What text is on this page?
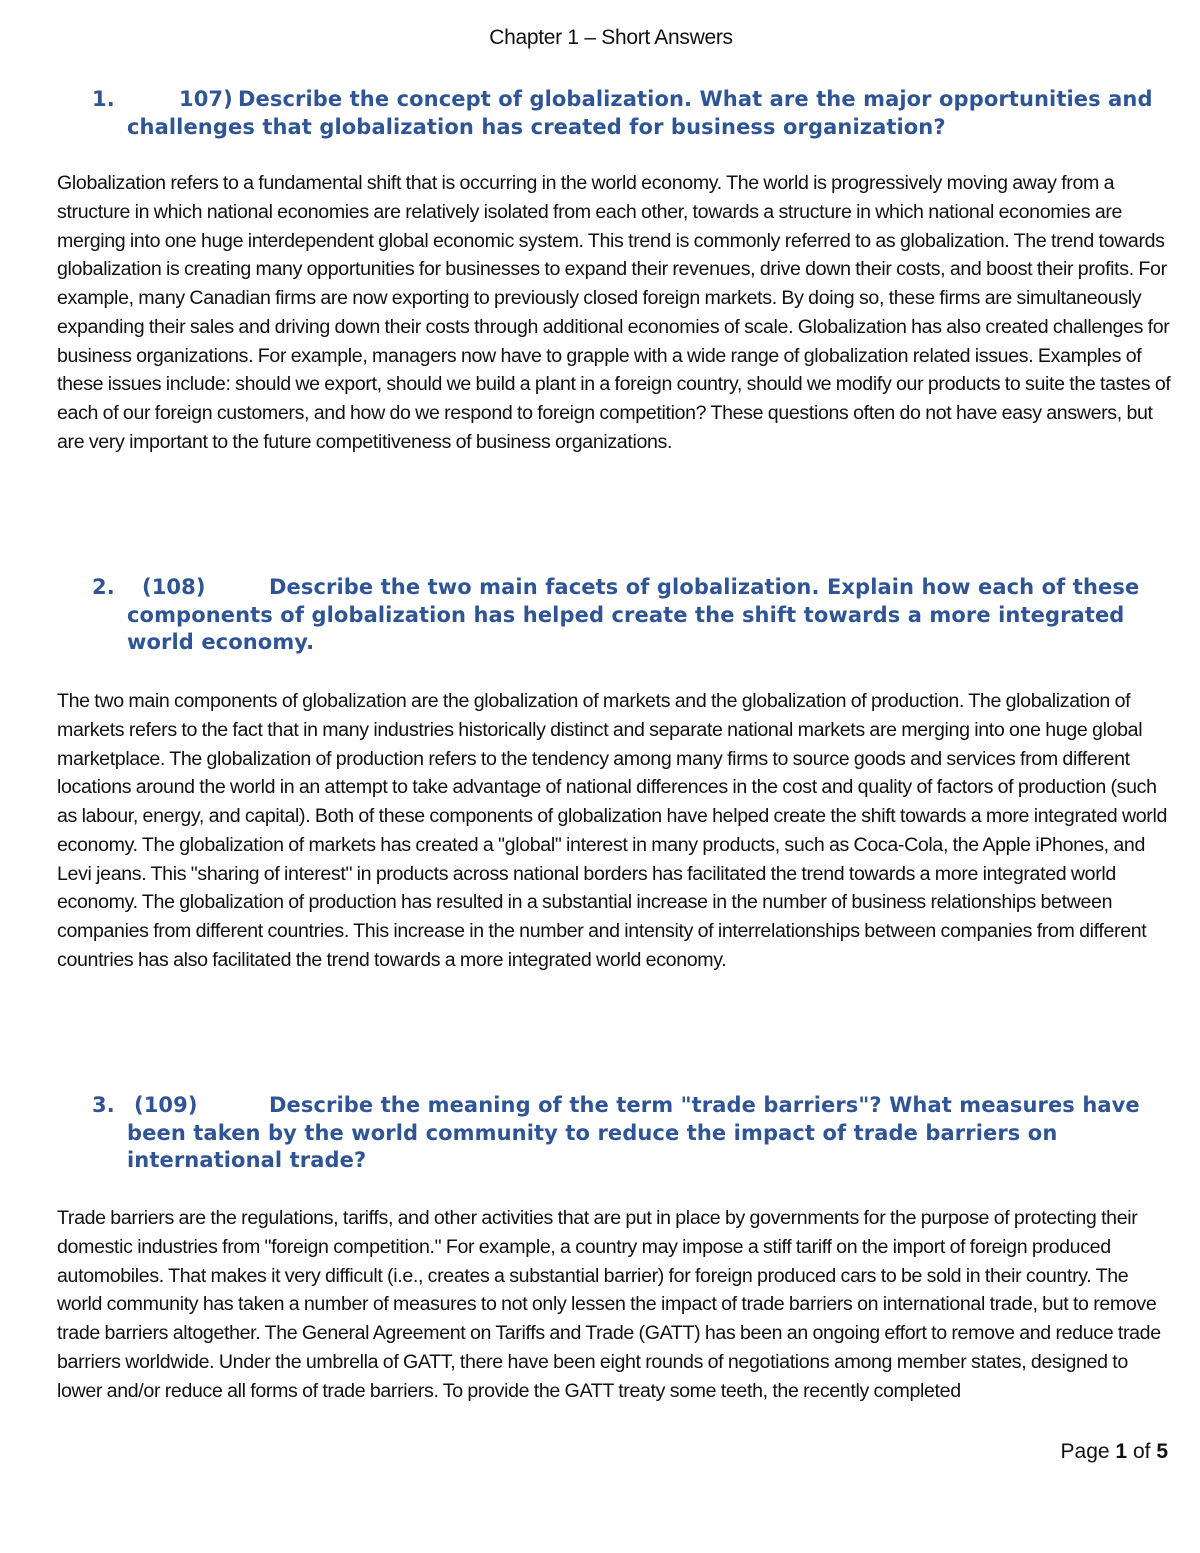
Chapter 1 – Short Answers
1.	107) Describe the concept of globalization. What are the major opportunities and challenges that globalization has created for business organization?
Globalization refers to a fundamental shift that is occurring in the world economy. The world is progressively moving away from a structure in which national economies are relatively isolated from each other, towards a structure in which national economies are merging into one huge interdependent global economic system. This trend is commonly referred to as globalization. The trend towards globalization is creating many opportunities for businesses to expand their revenues, drive down their costs, and boost their profits. For example, many Canadian firms are now exporting to previously closed foreign markets. By doing so, these firms are simultaneously expanding their sales and driving down their costs through additional economies of scale. Globalization has also created challenges for business organizations. For example, managers now have to grapple with a wide range of globalization related issues. Examples of these issues include: should we export, should we build a plant in a foreign country, should we modify our products to suite the tastes of each of our foreign customers, and how do we respond to foreign competition? These questions often do not have easy answers, but are very important to the future competitiveness of business organizations.
2. (108)	Describe the two main facets of globalization. Explain how each of these components of globalization has helped create the shift towards a more integrated world economy.
The two main components of globalization are the globalization of markets and the globalization of production. The globalization of markets refers to the fact that in many industries historically distinct and separate national markets are merging into one huge global marketplace. The globalization of production refers to the tendency among many firms to source goods and services from different locations around the world in an attempt to take advantage of national differences in the cost and quality of factors of production (such as labour, energy, and capital). Both of these components of globalization have helped create the shift towards a more integrated world economy. The globalization of markets has created a "global" interest in many products, such as Coca-Cola, the Apple iPhones, and Levi jeans. This "sharing of interest" in products across national borders has facilitated the trend towards a more integrated world economy. The globalization of production has resulted in a substantial increase in the number of business relationships between companies from different countries. This increase in the number and intensity of interrelationships between companies from different countries has also facilitated the trend towards a more integrated world economy.
3. (109)	Describe the meaning of the term "trade barriers"? What measures have been taken by the world community to reduce the impact of trade barriers on international trade?
Trade barriers are the regulations, tariffs, and other activities that are put in place by governments for the purpose of protecting their domestic industries from "foreign competition." For example, a country may impose a stiff tariff on the import of foreign produced automobiles. That makes it very difficult (i.e., creates a substantial barrier) for foreign produced cars to be sold in their country. The world community has taken a number of measures to not only lessen the impact of trade barriers on international trade, but to remove trade barriers altogether. The General Agreement on Tariffs and Trade (GATT) has been an ongoing effort to remove and reduce trade barriers worldwide. Under the umbrella of GATT, there have been eight rounds of negotiations among member states, designed to lower and/or reduce all forms of trade barriers. To provide the GATT treaty some teeth, the recently completed
Page 1 of 5
